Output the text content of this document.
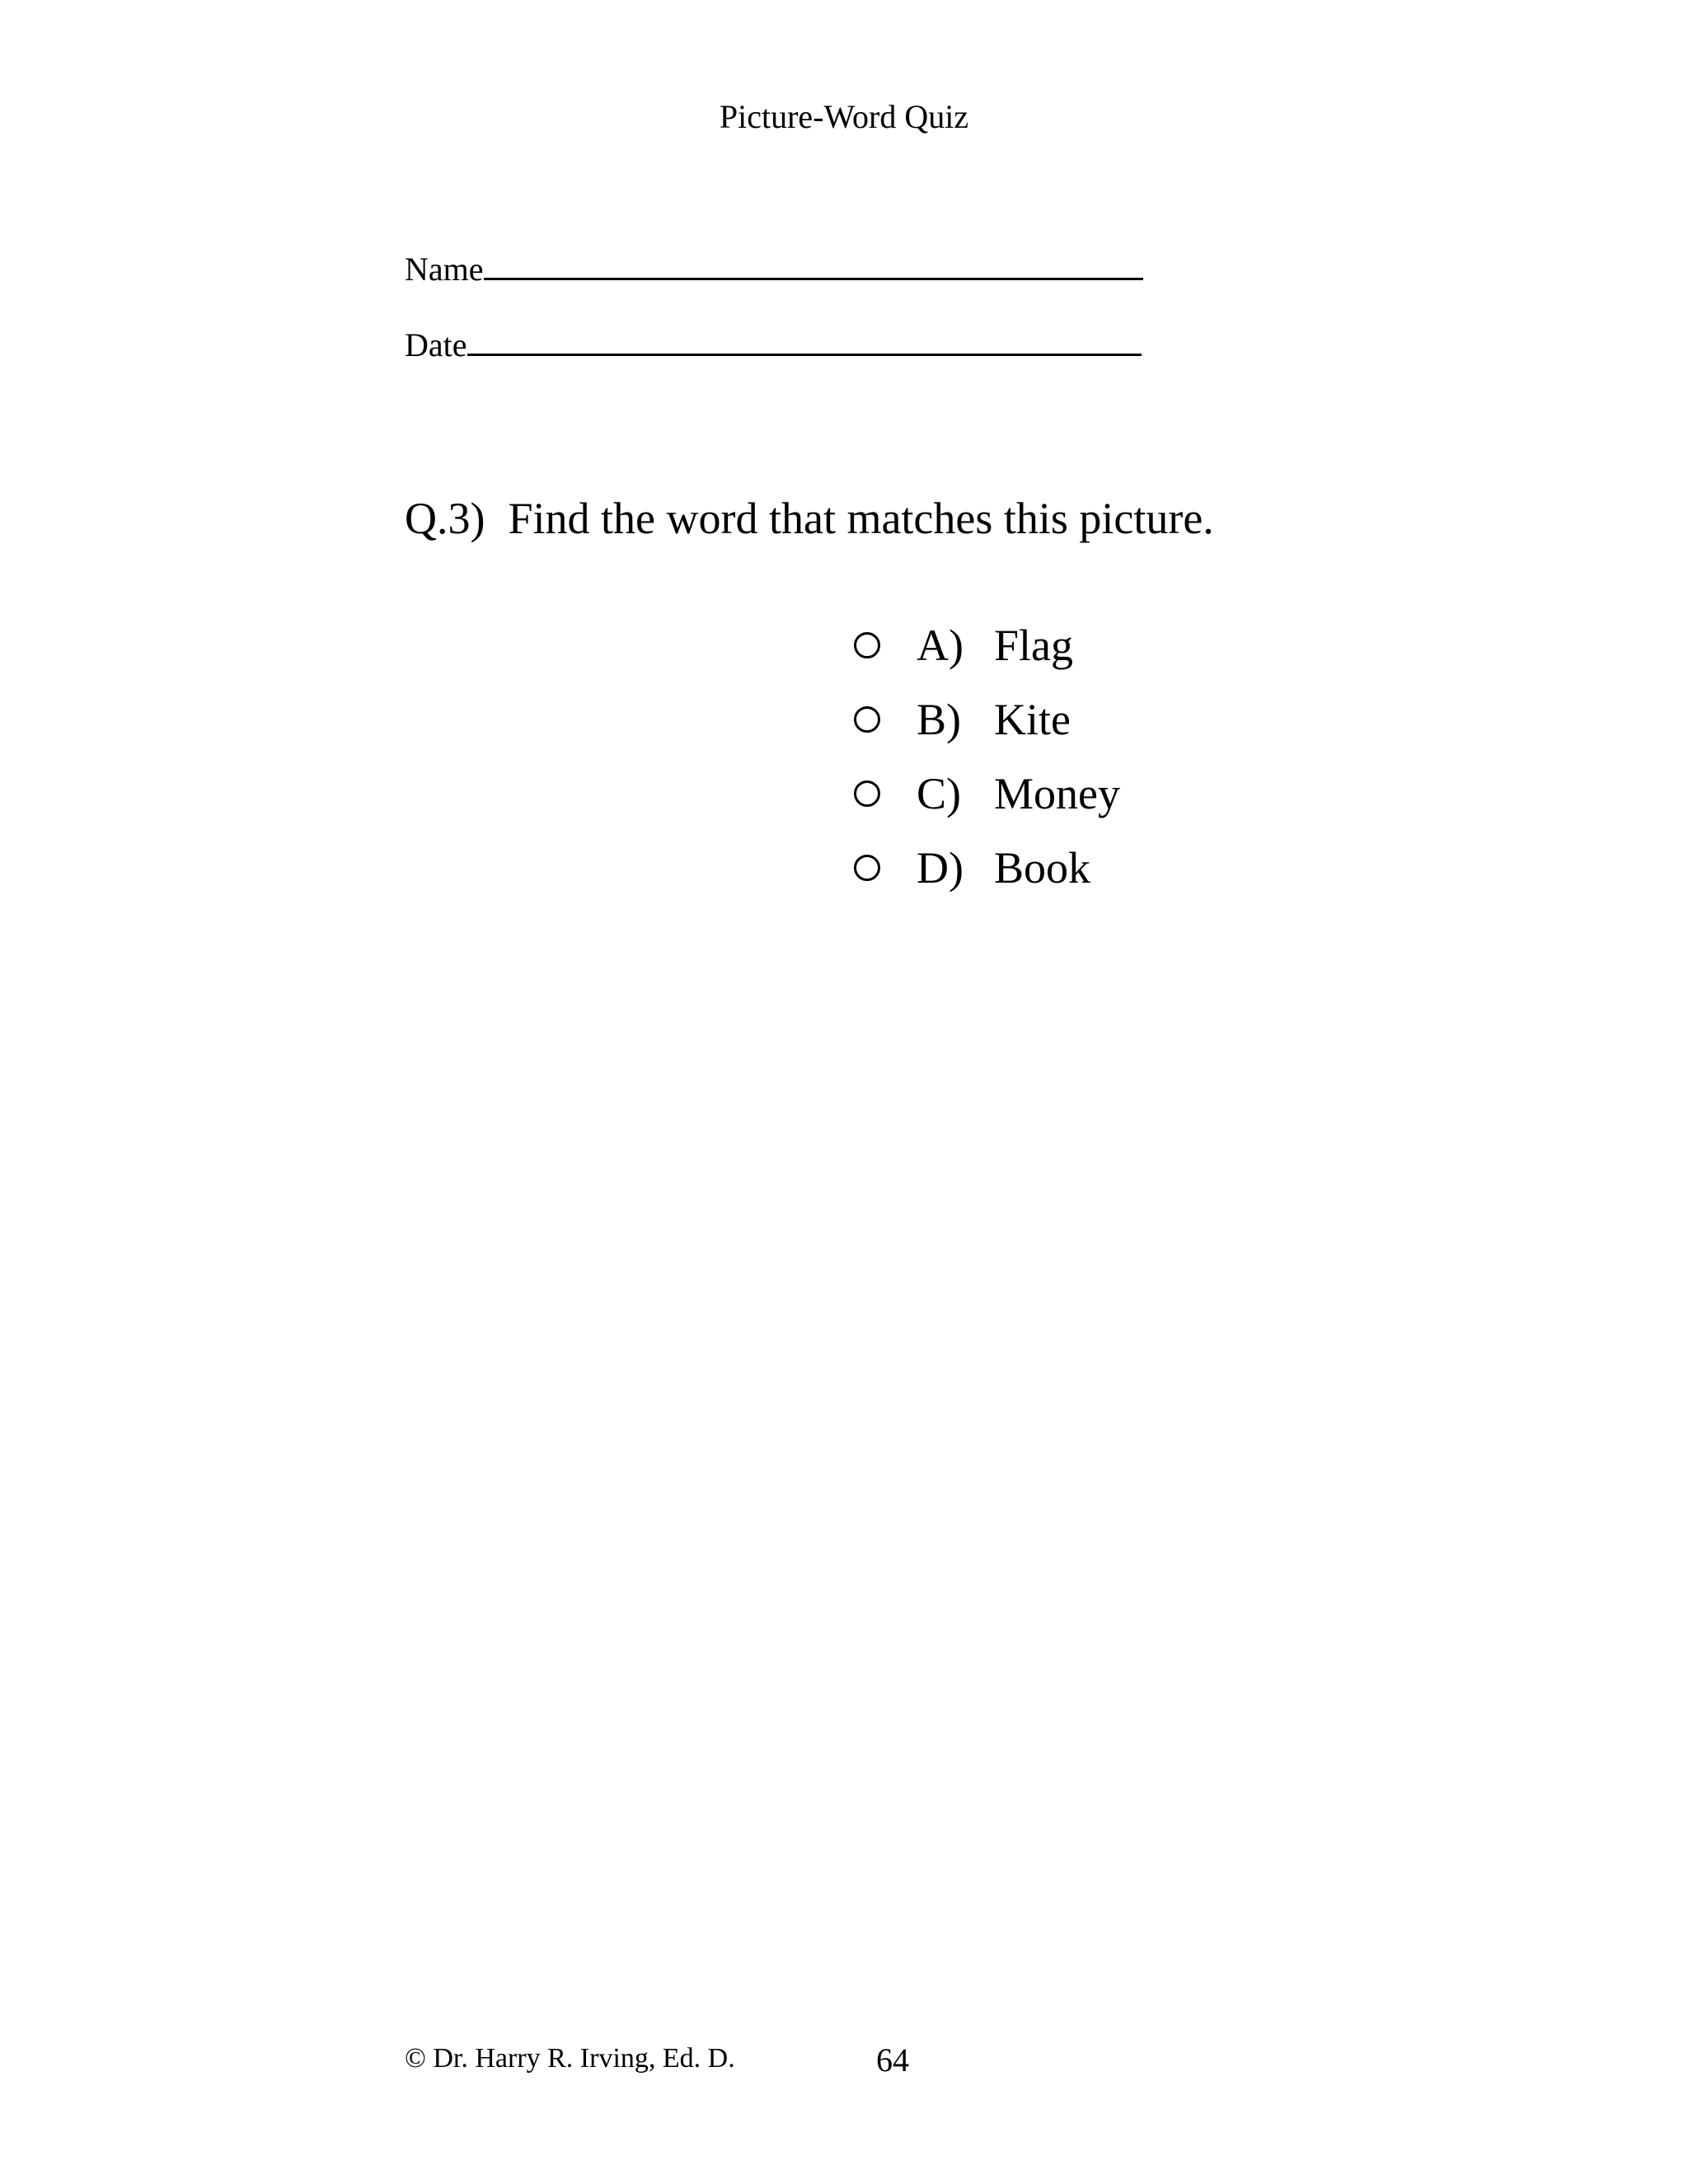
Picture-Word Quiz
Name
Date
Q.3) Find the word that matches this picture.
A) Flag
B) Kite
C) Money
D) Book
© Dr. Harry R. Irving, Ed. D.	64
